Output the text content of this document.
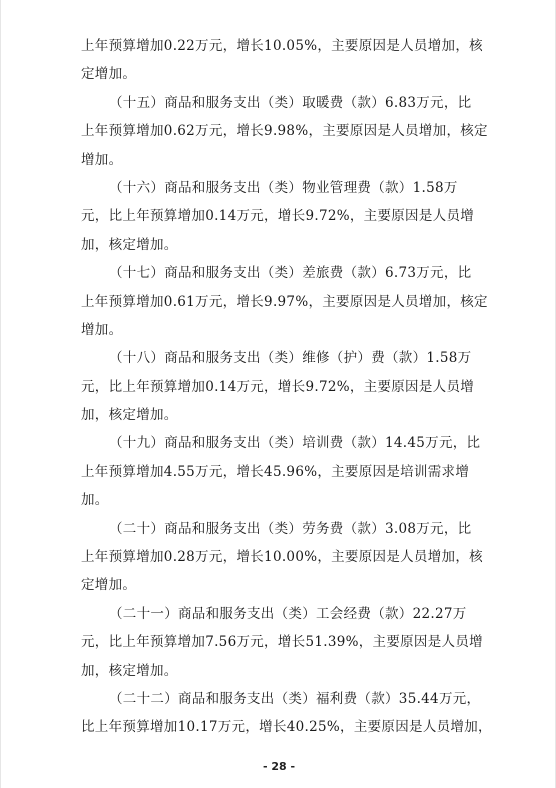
上年预算增加0.22万元，增长10.05%，主要原因是人员增加，核
定增加。
（十五）商品和服务支出（类）取暖费（款）6.83万元，比
上年预算增加0.62万元，增长9.98%，主要原因是人员增加，核定
增加。
（十六）商品和服务支出（类）物业管理费（款）1.58万
元，比上年预算增加0.14万元，增长9.72%，主要原因是人员增
加，核定增加。
（十七）商品和服务支出（类）差旅费（款）6.73万元，比
上年预算增加0.61万元，增长9.97%，主要原因是人员增加，核定
增加。
（十八）商品和服务支出（类）维修（护）费（款）1.58万
元，比上年预算增加0.14万元，增长9.72%，主要原因是人员增
加，核定增加。
（十九）商品和服务支出（类）培训费（款）14.45万元，比
上年预算增加4.55万元，增长45.96%，主要原因是培训需求增
加。
（二十）商品和服务支出（类）劳务费（款）3.08万元，比
上年预算增加0.28万元，增长10.00%，主要原因是人员增加，核
定增加。
（二十一）商品和服务支出（类）工会经费（款）22.27万
元，比上年预算增加7.56万元，增长51.39%，主要原因是人员增
加，核定增加。
（二十二）商品和服务支出（类）福利费（款）35.44万元，
比上年预算增加10.17万元，增长40.25%，主要原因是人员增加，
- 28 -
